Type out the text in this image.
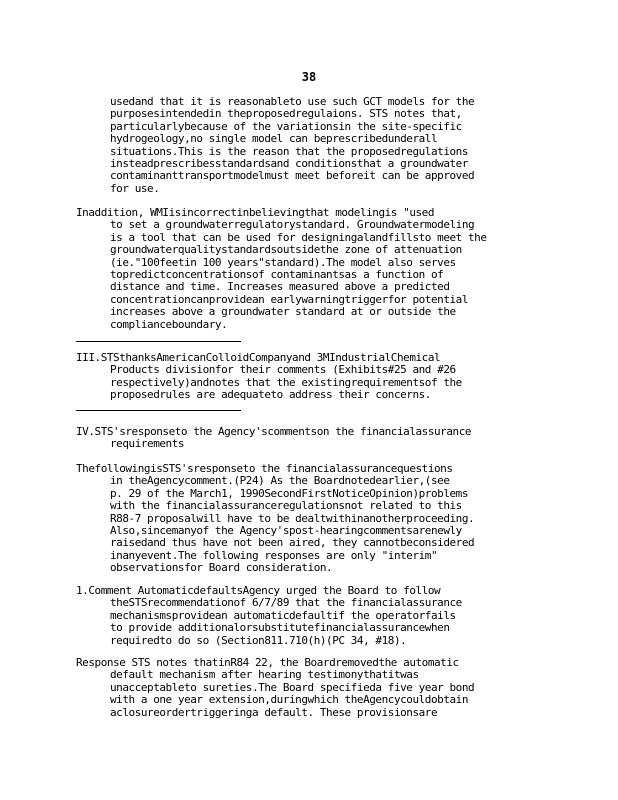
38
usedand that it is reasonableto use such GCT models for the
purposesintendedin theproposedregulaions. STS notes that,
particularlybecause of the variationsin the site-specific
hydrogeology,no single model can beprescribedunderall
situations.This is the reason that the proposedregulations
insteadprescribesstandardsand conditionsthat a groundwater
contaminanttransportmodelmust meet beforeit can be approved
for use.
Inaddition, WMIisincorrectinbelievingthat modelingis "used
to set a groundwaterregulatorystandard. Groundwatermodeling
is a tool that can be used for designingalandfillsto meet the
groundwaterqualitystandardsoutsidethe zone of attenuation
(ie."100feetin 100 years"standard).The model also serves
topredictconcentrationsof contaminantsas a function of
distance and time. Increases measured above a predicted
concentrationcanprovidean earlywarningtriggerfor potential
increases above a groundwater standard at or outside the
complianceboundary.
III.STSthanksAmericanColloidCompanyand 3MIndustrialChemical
Products divisionfor their comments (Exhibits#25 and #26
respectively)andnotes that the existingrequirementsof the
proposedrules are adequateto address their concerns.
IV.STS'sresponseto the Agency'scommentson the financialassurance
requirements
ThefollowingisSTS'sresponseto the financialassurancequestions
in theAgencycomment.(P24) As the Boardnotedearlier,(see
p. 29 of the March1, 1990SecondFirstNoticeOpinion)problems
with the financialassuranceregulationsnot related to this
R88-7 proposalwill have to be dealtwithinanotherproceeding.
Also,sincemanyof the Agency'spost-hearingcommentsarenewly
raisedand thus have not been aired, they cannotbeconsidered
inanyevent.The following responses are only "interim"
observationsfor Board consideration.
1.Comment AutomaticdefaultsAgency urged the Board to follow
theSTSrecommendationof 6/7/89 that the financialassurance
mechanismsprovidean automaticdefaultif the operatorfails
to provide additionalorsubstitutefinancialassurancewhen
requiredto do so (Section811.710(h)(PC 34, #18).
Response STS notes thatinR84 22, the Boardremovedthe automatic
default mechanism after hearing testimonythatitwas
unacceptableto sureties.The Board specifieda five year bond
with a one year extension,duringwhich theAgencycouldobtain
aclosureordertriggeringa default. These provisionsare
